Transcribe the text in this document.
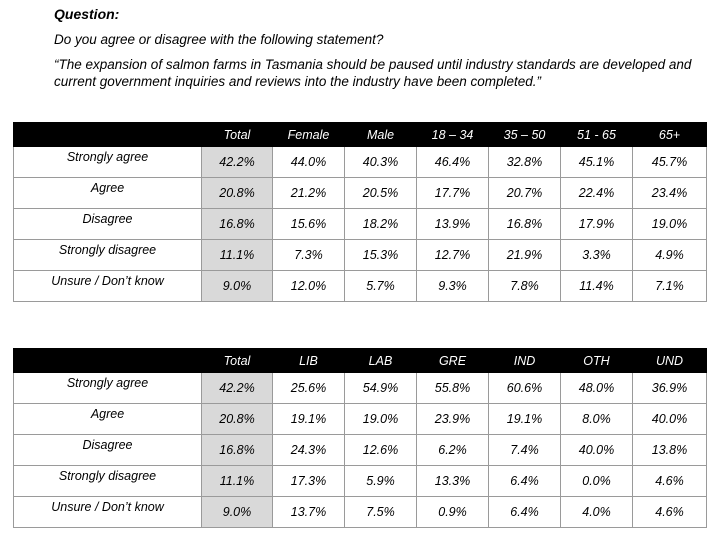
Question:
Do you agree or disagree with the following statement?
“The expansion of salmon farms in Tasmania should be paused until industry standards are developed and current government inquiries and reviews into the industry have been completed.”
	Total	Female	Male	18 – 34	35 – 50	51 - 65	65+
Strongly agree	42.2%	44.0%	40.3%	46.4%	32.8%	45.1%	45.7%
Agree	20.8%	21.2%	20.5%	17.7%	20.7%	22.4%	23.4%
Disagree	16.8%	15.6%	18.2%	13.9%	16.8%	17.9%	19.0%
Strongly disagree	11.1%	7.3%	15.3%	12.7%	21.9%	3.3%	4.9%
Unsure / Don’t know	9.0%	12.0%	5.7%	9.3%	7.8%	11.4%	7.1%
	Total	LIB	LAB	GRE	IND	OTH	UND
Strongly agree	42.2%	25.6%	54.9%	55.8%	60.6%	48.0%	36.9%
Agree	20.8%	19.1%	19.0%	23.9%	19.1%	8.0%	40.0%
Disagree	16.8%	24.3%	12.6%	6.2%	7.4%	40.0%	13.8%
Strongly disagree	11.1%	17.3%	5.9%	13.3%	6.4%	0.0%	4.6%
Unsure / Don’t know	9.0%	13.7%	7.5%	0.9%	6.4%	4.0%	4.6%
